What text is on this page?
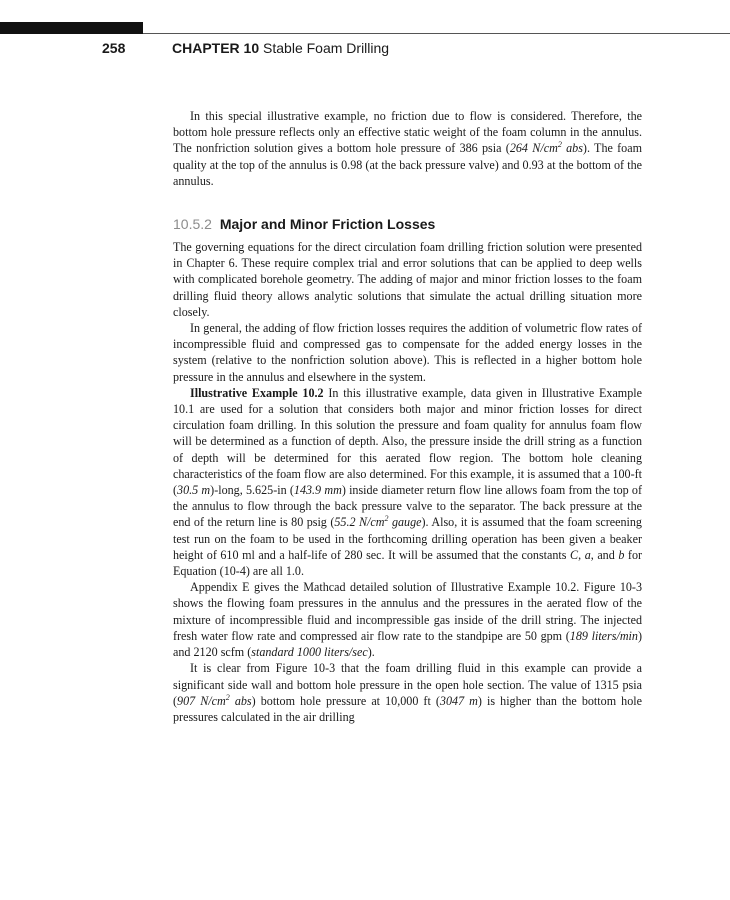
258	CHAPTER 10 Stable Foam Drilling

In this special illustrative example, no friction due to flow is considered. Therefore, the bottom hole pressure reflects only an effective static weight of the foam column in the annulus. The nonfriction solution gives a bottom hole pressure of 386 psia (264 $N/cm^2$ abs). The foam quality at the top of the annulus is 0.98 (at the back pressure valve) and 0.93 at the bottom of the annulus.

10.5.2 Major and Minor Friction Losses

The governing equations for the direct circulation foam drilling friction solution were presented in Chapter 6. These require complex trial and error solutions that can be applied to deep wells with complicated borehole geometry. The adding of major and minor friction losses to the foam drilling fluid theory allows analytic solutions that simulate the actual drilling situation more closely.

In general, the adding of flow friction losses requires the addition of volumetric flow rates of incompressible fluid and compressed gas to compensate for the added energy losses in the system (relative to the nonfriction solution above). This is reflected in a higher bottom hole pressure in the annulus and elsewhere in the system.

Illustrative Example 10.2 In this illustrative example, data given in Illustrative Example 10.1 are used for a solution that considers both major and minor friction losses for direct circulation foam drilling. In this solution the pressure and foam quality for annulus foam flow will be determined as a function of depth. Also, the pressure inside the drill string as a function of depth will be determined for this aerated flow region. The bottom hole cleaning characteristics of the foam flow are also determined. For this example, it is assumed that a 100-ft (30.5 m)-long, 5.625-in (143.9 mm) inside diameter return flow line allows foam from the top of the annulus to flow through the back pressure valve to the separator. The back pressure at the end of the return line is 80 psig (55.2 $N/cm^2$ gauge). Also, it is assumed that the foam screening test run on the foam to be used in the forthcoming drilling operation has been given a beaker height of 610 ml and a half-life of 280 sec. It will be assumed that the constants C, a, and b for Equation (10-4) are all 1.0.

Appendix E gives the Mathcad detailed solution of Illustrative Example 10.2. Figure 10-3 shows the flowing foam pressures in the annulus and the pressures in the aerated flow of the mixture of incompressible fluid and incompressible gas inside of the drill string. The injected fresh water flow rate and compressed air flow rate to the standpipe are 50 gpm (189 liters/min) and 2120 scfm (standard 1000 liters/sec).

It is clear from Figure 10-3 that the foam drilling fluid in this example can provide a significant side wall and bottom hole pressure in the open hole section. The value of 1315 psia (907 $N/cm^2$ abs) bottom hole pressure at 10,000 ft (3047 m) is higher than the bottom hole pressures calculated in the air drilling
